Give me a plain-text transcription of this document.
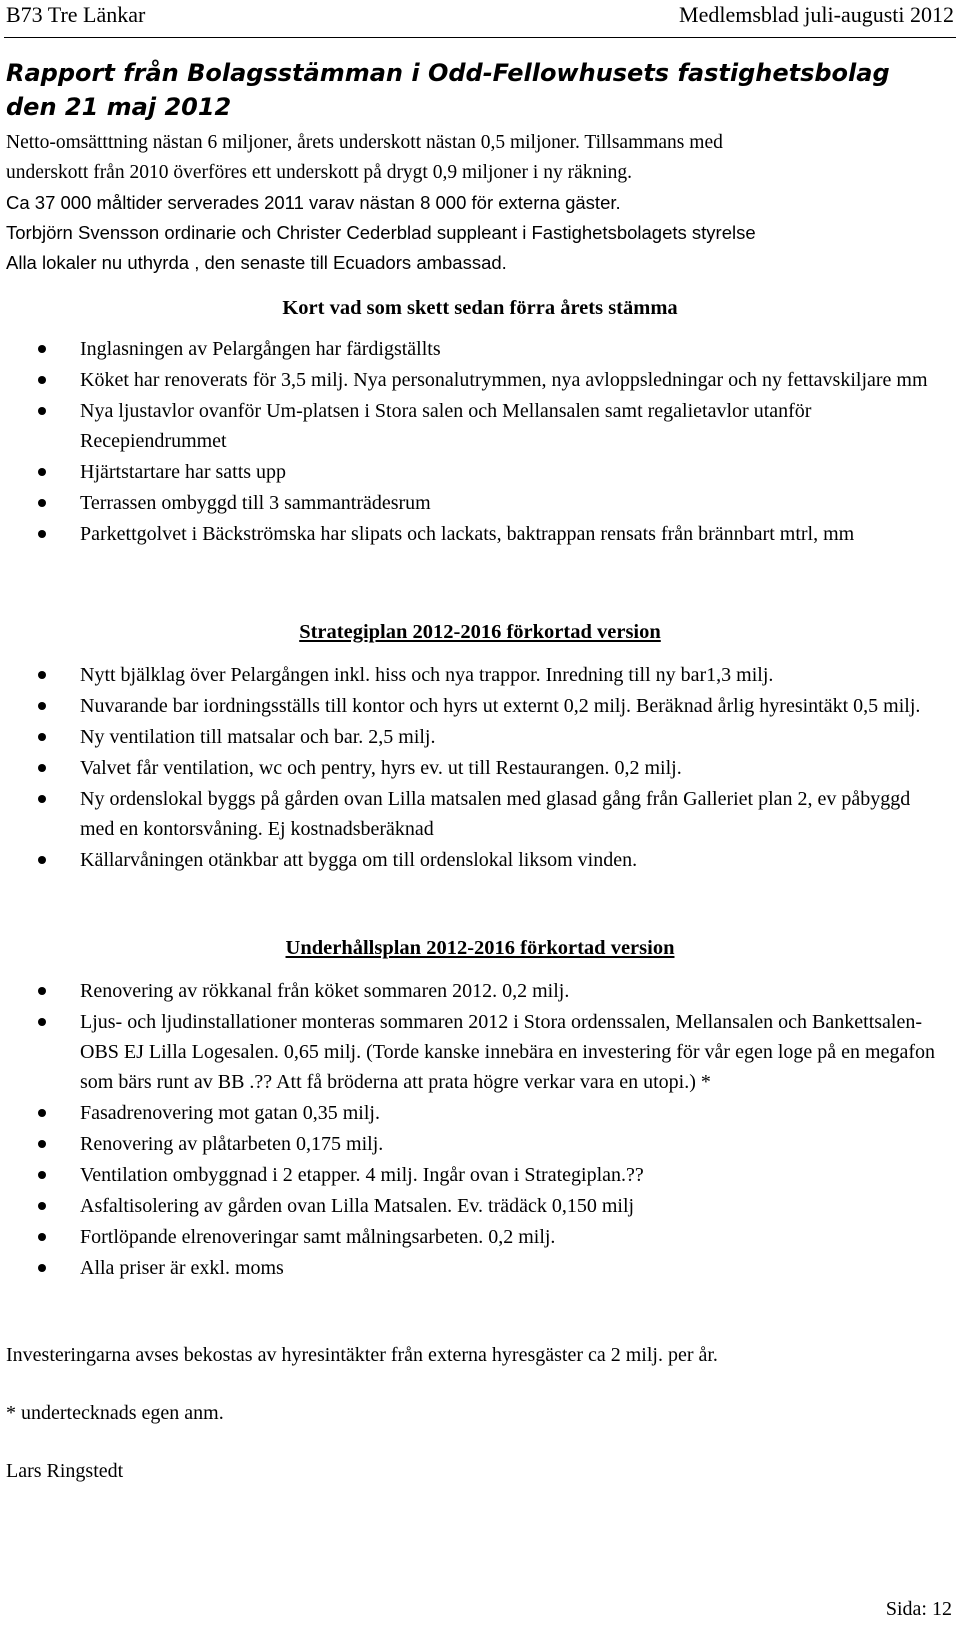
B73 Tre Länkar	Medlemsblad juli-augusti 2012
Rapport från Bolagsstämman i Odd-Fellowhusets fastighetsbolag den 21 maj 2012
Netto-omsätttning nästan 6 miljoner, årets underskott nästan 0,5 miljoner. Tillsammans med
underskott från 2010 överföres ett underskott på drygt 0,9 miljoner i ny räkning.
Ca 37 000 måltider serverades 2011 varav nästan 8 000 för externa gäster.
Torbjörn Svensson ordinarie och Christer Cederblad suppleant i Fastighetsbolagets styrelse
Alla lokaler nu uthyrda , den senaste till Ecuadors ambassad.
Kort vad som skett sedan förra årets stämma
Inglasningen av Pelargången har färdigställts
Köket har renoverats för 3,5 milj. Nya personalutrymmen, nya avloppsledningar och ny fettavskiljare mm
Nya ljustavlor ovanför Um-platsen i Stora salen och Mellansalen samt regalietavlor utanför Recepiendrummet
Hjärtstartare har satts upp
Terrassen ombyggd till 3 sammanträdesrum
Parkettgolvet i Bäckströmska har slipats och lackats, baktrappan rensats från brännbart mtrl, mm
Strategiplan 2012-2016 förkortad version
Nytt bjälklag över Pelargången inkl. hiss och nya trappor. Inredning till ny bar1,3 milj.
Nuvarande bar iordningsställs till kontor och hyrs ut externt 0,2 milj. Beräknad årlig hyresintäkt 0,5 milj.
Ny ventilation till matsalar och bar. 2,5 milj.
Valvet får ventilation, wc och pentry, hyrs ev. ut till Restaurangen. 0,2 milj.
Ny ordenslokal byggs på gården ovan Lilla matsalen med glasad gång från Galleriet plan 2, ev påbyggd med en kontorsvåning. Ej kostnadsberäknad
Källarvåningen otänkbar att bygga om till ordenslokal liksom vinden.
Underhållsplan 2012-2016 förkortad version
Renovering av rökkanal från köket sommaren 2012. 0,2 milj.
Ljus- och ljudinstallationer monteras sommaren 2012 i Stora ordenssalen, Mellansalen och Bankettsalen- OBS EJ Lilla Logesalen. 0,65 milj. (Torde kanske innebära en investering för vår egen loge på en megafon som bärs runt av BB .?? Att få bröderna att prata högre verkar vara en utopi.) *
Fasadrenovering mot gatan 0,35 milj.
Renovering av plåtarbeten 0,175 milj.
Ventilation ombyggnad i 2 etapper. 4 milj. Ingår ovan i Strategiplan.??
Asfaltisolering av gården ovan Lilla Matsalen. Ev. trädäck 0,150 milj
Fortlöpande elrenoveringar samt målningsarbeten. 0,2 milj.
Alla priser är exkl. moms
Investeringarna avses bekostas av hyresintäkter från externa hyresgäster ca 2 milj. per år.
* undertecknads egen anm.
Lars Ringstedt
Sida: 12
